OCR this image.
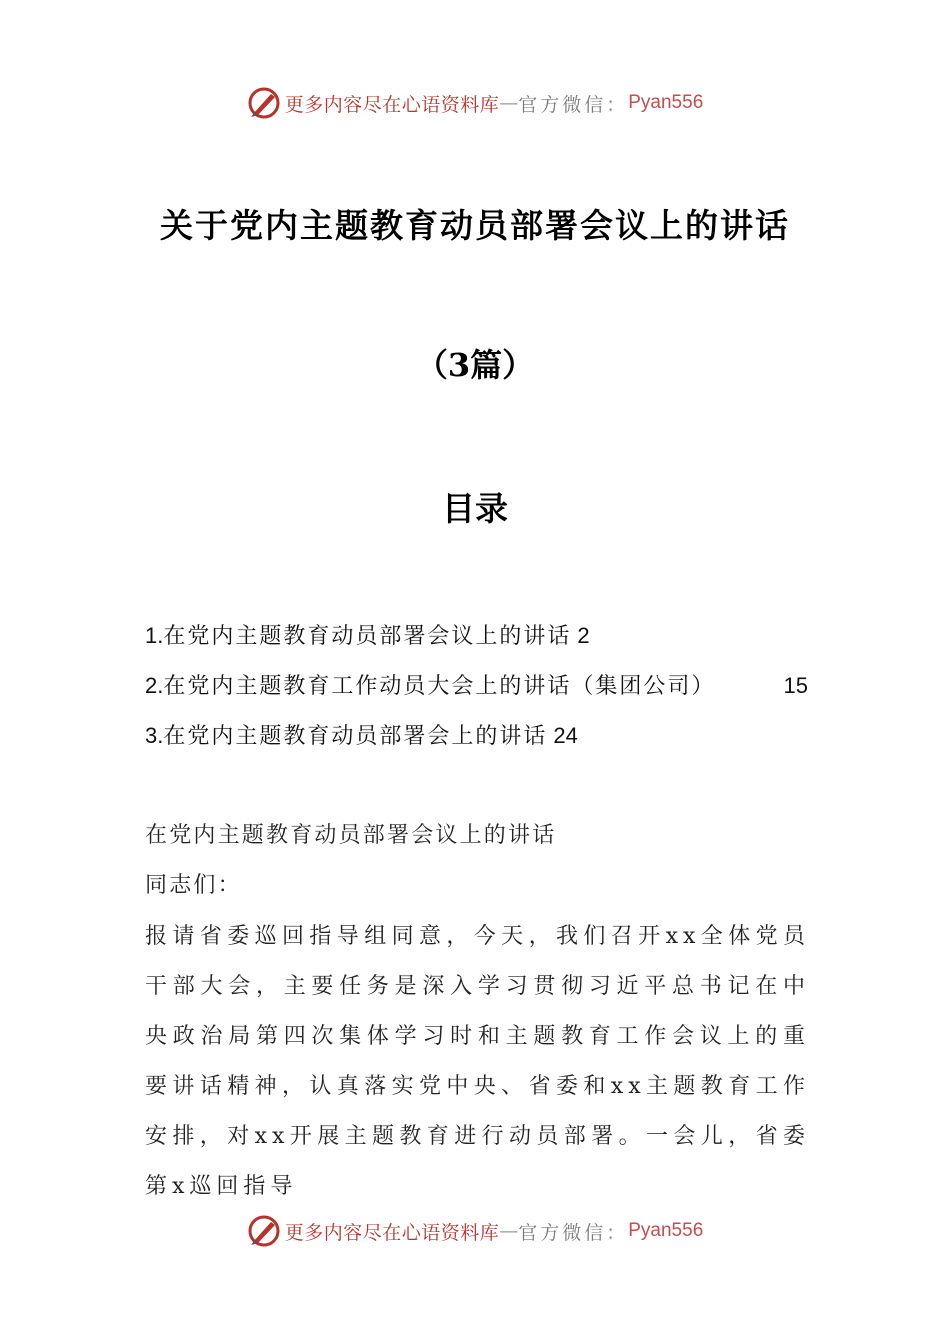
更多内容尽在心语资料库 — 官方微信： Pyan556
关于党内主题教育动员部署会议上的讲话
（3篇）
目录
1.在党内主题教育动员部署会议上的讲话 2
2.在党内主题教育工作动员大会上的讲话（集团公司）	15
3.在党内主题教育动员部署会上的讲话 24
在党内主题教育动员部署会议上的讲话
同志们：
报请省委巡回指导组同意，今天，我们召开xx全体党员干部大会，主要任务是深入学习贯彻习近平总书记在中央政治局第四次集体学习时和主题教育工作会议上的重要讲话精神，认真落实党中央、省委和xx主题教育工作安排，对xx开展主题教育进行动员部署。一会儿，省委第x巡回指导
更多内容尽在心语资料库 — 官方微信： Pyan556
